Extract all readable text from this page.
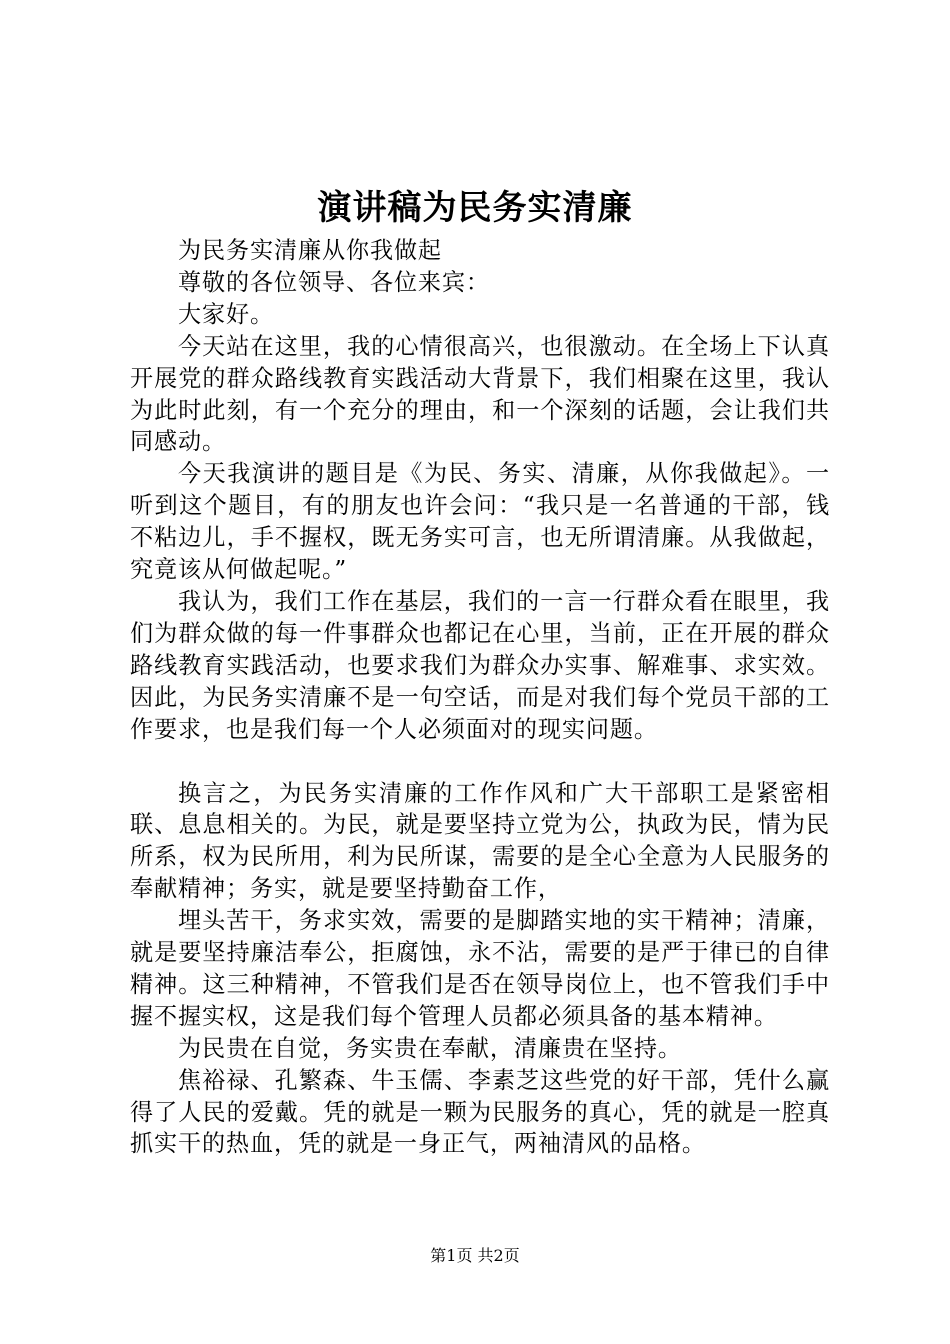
演讲稿为民务实清廉

为民务实清廉从你我做起

尊敬的各位领导、各位来宾：

大家好。

今天站在这里，我的心情很高兴，也很激动。在全场上下认真开展党的群众路线教育实践活动大背景下，我们相聚在这里，我认为此时此刻，有一个充分的理由，和一个深刻的话题，会让我们共同感动。

今天我演讲的题目是《为民、务实、清廉，从你我做起》。一听到这个题目，有的朋友也许会问：“我只是一名普通的干部，钱不粘边儿，手不握权，既无务实可言，也无所谓清廉。从我做起，究竟该从何做起呢。”

我认为，我们工作在基层，我们的一言一行群众看在眼里，我们为群众做的每一件事群众也都记在心里，当前，正在开展的群众路线教育实践活动，也要求我们为群众办实事、解难事、求实效。因此，为民务实清廉不是一句空话，而是对我们每个党员干部的工作要求，也是我们每一个人必须面对的现实问题。

换言之，为民务实清廉的工作作风和广大干部职工是紧密相联、息息相关的。为民，就是要坚持立党为公，执政为民，情为民所系，权为民所用，利为民所谋，需要的是全心全意为人民服务的奉献精神；务实，就是要坚持勤奋工作，

埋头苦干，务求实效，需要的是脚踏实地的实干精神；清廉，就是要坚持廉洁奉公，拒腐蚀，永不沾，需要的是严于律已的自律精神。这三种精神，不管我们是否在领导岗位上，也不管我们手中握不握实权，这是我们每个管理人员都必须具备的基本精神。

为民贵在自觉，务实贵在奉献，清廉贵在坚持。

焦裕禄、孔繁森、牛玉儒、李素芝这些党的好干部，凭什么赢得了人民的爱戴。凭的就是一颗为民服务的真心，凭的就是一腔真抓实干的热血，凭的就是一身正气，两袖清风的品格。

第1页 共2页
